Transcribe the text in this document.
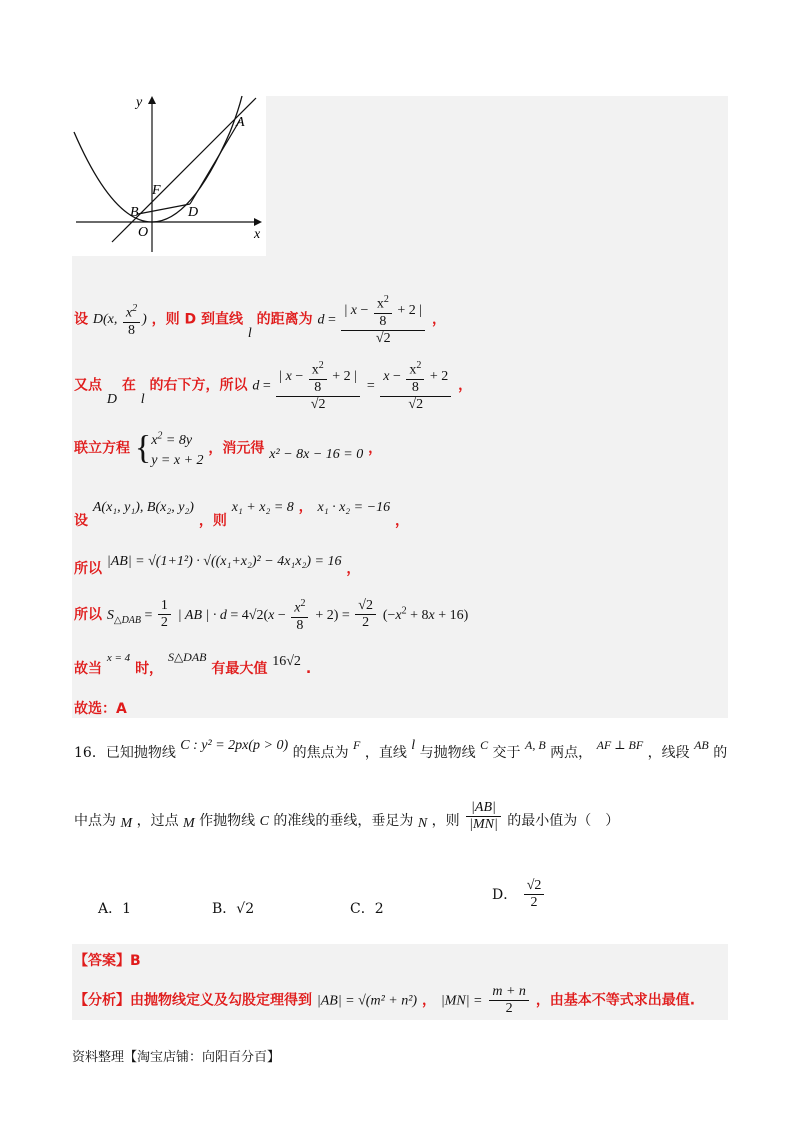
y
x
A
F
B	D
O
设 D(x, $\frac{x^2}{8}$ ) ，则 D 到直线 l 的距离为 $d = \frac{| x - \frac{x^2}{8} + 2 |}{√2}$ ，
又点 D 在 l 的右下方，所以 $d = \frac{| x - \frac{x^2}{8} + 2 |}{√2} = \frac{x - \frac{x^2}{8} + 2}{√2}$ ，
联立方程 {$x^2 = 8y$
y = x + 2 ，消元得 x² − 8x − 16 = 0 ，
设 A(x₁, y₁), B(x₂, y₂) ，则 x₁ + x₂ = 8 ， x₁ · x₂ = −16 ，
所以 |AB| = √(1+1²) · √((x₁+x₂)² − 4x₁x₂) = 16 ，
所以 $S_{\triangle DAB} = \frac{1}{2}$ | AB | · $d = 4√2(x - \frac{x^2}{8} + 2) = \frac{√2}{2} (-x^2 + 8x + 16)$
故当 $^{x = 4}$ 时， S△DAB 有最大值 16√2 .
故选：A
16．已知抛物线 C : y² = 2px(p > 0) 的焦点为 F ，直线 l 与抛物线 C 交于 A, B 两点， AF ⊥ BF ，线段 AB 的
中点为 M ，过点 M 作抛物线 C 的准线的垂线，垂足为 N ，则 $\frac{|AB|}{|MN|}$ 的最小值为（　）
A．1	B．√2	C．2
D． $\frac{√2}{2}$
【答案】B
【分析】由抛物线定义及勾股定理得到 |AB| = √(m² + n²) ， $|MN| = \frac{m + n}{2}$ ，由基本不等式求出最值.
资料整理【淘宝店铺：向阳百分百】
